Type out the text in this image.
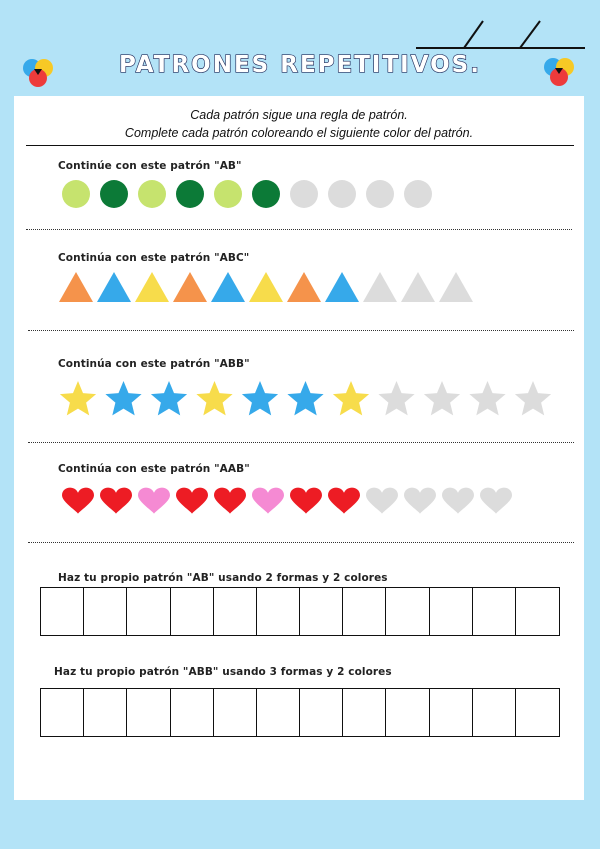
PATRONES REPETITIVOS.
Cada patrón sigue una regla de patrón.
Complete cada patrón coloreando el siguiente color del patrón.
Continúe con este patrón "AB"
Continúa con este patrón "ABC"
Continúa con este patrón "ABB"
Continúa con este patrón "AAB"
Haz tu propio patrón "AB" usando 2 formas y 2 colores
Haz tu propio patrón "ABB" usando 3 formas y 2 colores
